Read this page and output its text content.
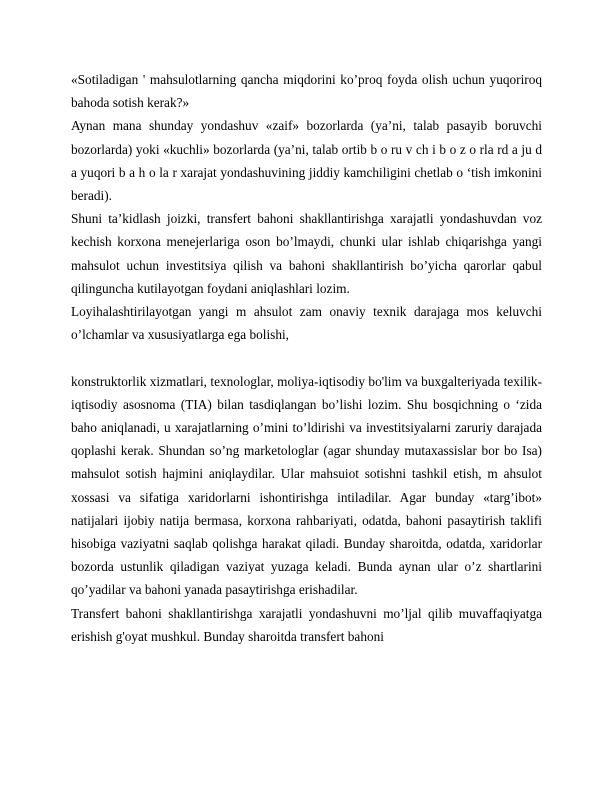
«Sotiladigan ' mahsulotlarning qancha miqdorini ko’proq foyda olish uchun yuqoriroq bahoda sotish kerak?»

Aynan mana shunday yondashuv «zaif» bozorlarda (ya’ni, talab pasayib boruvchi bozorlarda) yoki «kuchli» bozorlarda (ya’ni, talab ortib b o ru v ch i b o z o rla rd a ju d a yuqori b a h o la r xarajat yondashuvining jiddiy kamchiligini chetlab o ‘tish imkonini beradi).

Shuni ta’kidlash joizki, transfert bahoni shakllantirishga xarajatli yondashuvdan voz kechish korxona menejerlariga oson bo’lmaydi, chunki ular ishlab chiqarishga yangi mahsulot uchun investitsiya qilish va bahoni shakllantirish bo’yicha qarorlar qabul qilinguncha kutilayotgan foydani aniqlashlari lozim.

Loyihalashtirilayotgan yangi m ahsulot zam onaviy texnik darajaga mos keluvchi o’lchamlar va xususiyatlarga ega bolishi,

konstruktorlik xizmatlari, texnologlar, moliya-iqtisodiy bo'lim va buxgalteriyada texilik-iqtisodiy asosnoma (TIA) bilan tasdiqlangan bo’lishi lozim. Shu bosqichning o ‘zida baho aniqlanadi, u xarajatlarning o’mini to’ldirishi va investitsiyalarni zaruriy darajada qoplashi kerak. Shundan so’ng marketologlar (agar shunday mutaxassislar bor bo Isa) mahsulot sotish hajmini aniqlaydilar. Ular mahsuiot sotishni tashkil etish, m ahsulot xossasi va sifatiga xaridorlarni ishontirishga intiladilar. Agar bunday «targ’ibot» natijalari ijobiy natija bermasa, korxona rahbariyati, odatda, bahoni pasaytirish taklifi hisobiga vaziyatni saqlab qolishga harakat qiladi. Bunday sharoitda, odatda, xaridorlar bozorda ustunlik qiladigan vaziyat yuzaga keladi. Bunda aynan ular o’z shartlarini qo’yadilar va bahoni yanada pasaytirishga erishadilar.

Transfert bahoni shakllantirishga xarajatli yondashuvni mo’ljal qilib muvaffaqiyatga erishish g'oyat mushkul. Bunday sharoitda transfert bahoni
